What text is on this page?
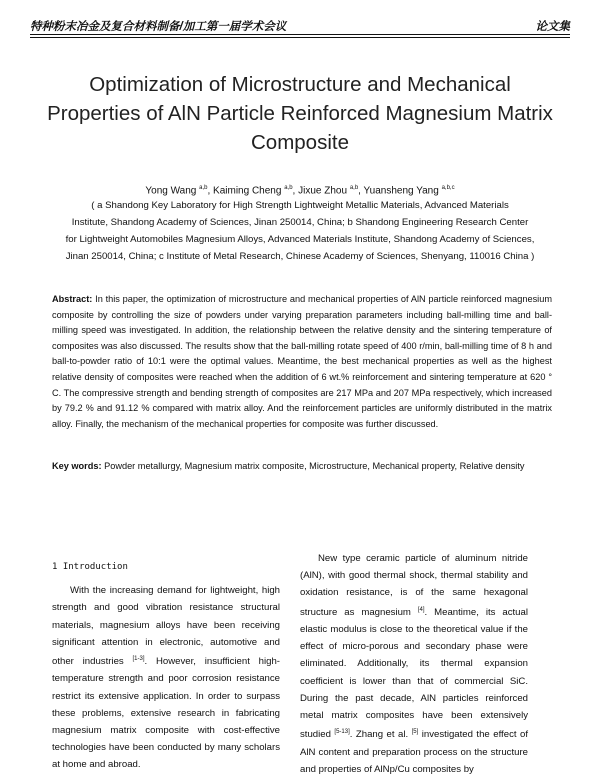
特种粉末冶金及复合材料制备/加工第一届学术会议	论文集
Optimization of Microstructure and Mechanical
Properties of AlN Particle Reinforced Magnesium Matrix
Composite
Yong Wang $^{a,b}$, Kaiming Cheng $^{a,b}$, Jixue Zhou $^{a,b}$, Yuansheng Yang $^{a,b,c}$
( a Shandong Key Laboratory for High Strength Lightweight Metallic Materials, Advanced Materials
Institute, Shandong Academy of Sciences, Jinan 250014, China; b Shandong Engineering Research Center
for Lightweight Automobiles Magnesium Alloys, Advanced Materials Institute, Shandong Academy of Sciences,
Jinan 250014, China; c Institute of Metal Research, Chinese Academy of Sciences, Shenyang, 110016 China )
Abstract: In this paper, the optimization of microstructure and mechanical properties of AlN particle reinforced magnesium composite by controlling the size of powders under varying preparation parameters including ball-milling time and ball-milling speed was investigated. In addition, the relationship between the relative density and the sintering temperature of composites was also discussed. The results show that the ball-milling rotate speed of 400 r/min, ball-milling time of 8 h and ball-to-powder ratio of 10:1 were the optimal values. Meantime, the best mechanical properties as well as the highest relative density of composites were reached when the addition of 6 wt.% reinforcement and sintering temperature at 620 ° C. The compressive strength and bending strength of composites are 217 MPa and 207 MPa respectively, which increased by 79.2 % and 91.12 % compared with matrix alloy. And the reinforcement particles are uniformly distributed in the matrix alloy. Finally, the mechanism of the mechanical properties for composite was further discussed.
Key words: Powder metallurgy, Magnesium matrix composite, Microstructure, Mechanical property, Relative density
1 Introduction

With the increasing demand for lightweight, high strength and good vibration resistance structural materials, magnesium alloys have been receiving significant attention in electronic, automotive and other industries [1-3]. However, insufficient high-temperature strength and poor corrosion resistance restrict its extensive application. In order to surpass these problems, extensive research in fabricating magnesium matrix composite with cost-effective technologies have been conducted by many scholars at home and abroad.

New type ceramic particle of aluminum nitride (AlN), with good thermal shock, thermal stability and oxidation resistance, is of the same hexagonal structure as magnesium [4]. Meantime, its actual elastic modulus is close to the theoretical value if the effect of micro-porous and secondary phase were eliminated. Additionally, its thermal expansion coefficient is lower than that of commercial SiC. During the past decade, AlN particles reinforced metal matrix composites have been extensively studied [5-13]. Zhang et al. [5] investigated the effect of AlN content and preparation process on the structure and properties of AlNp/Cu composites by
